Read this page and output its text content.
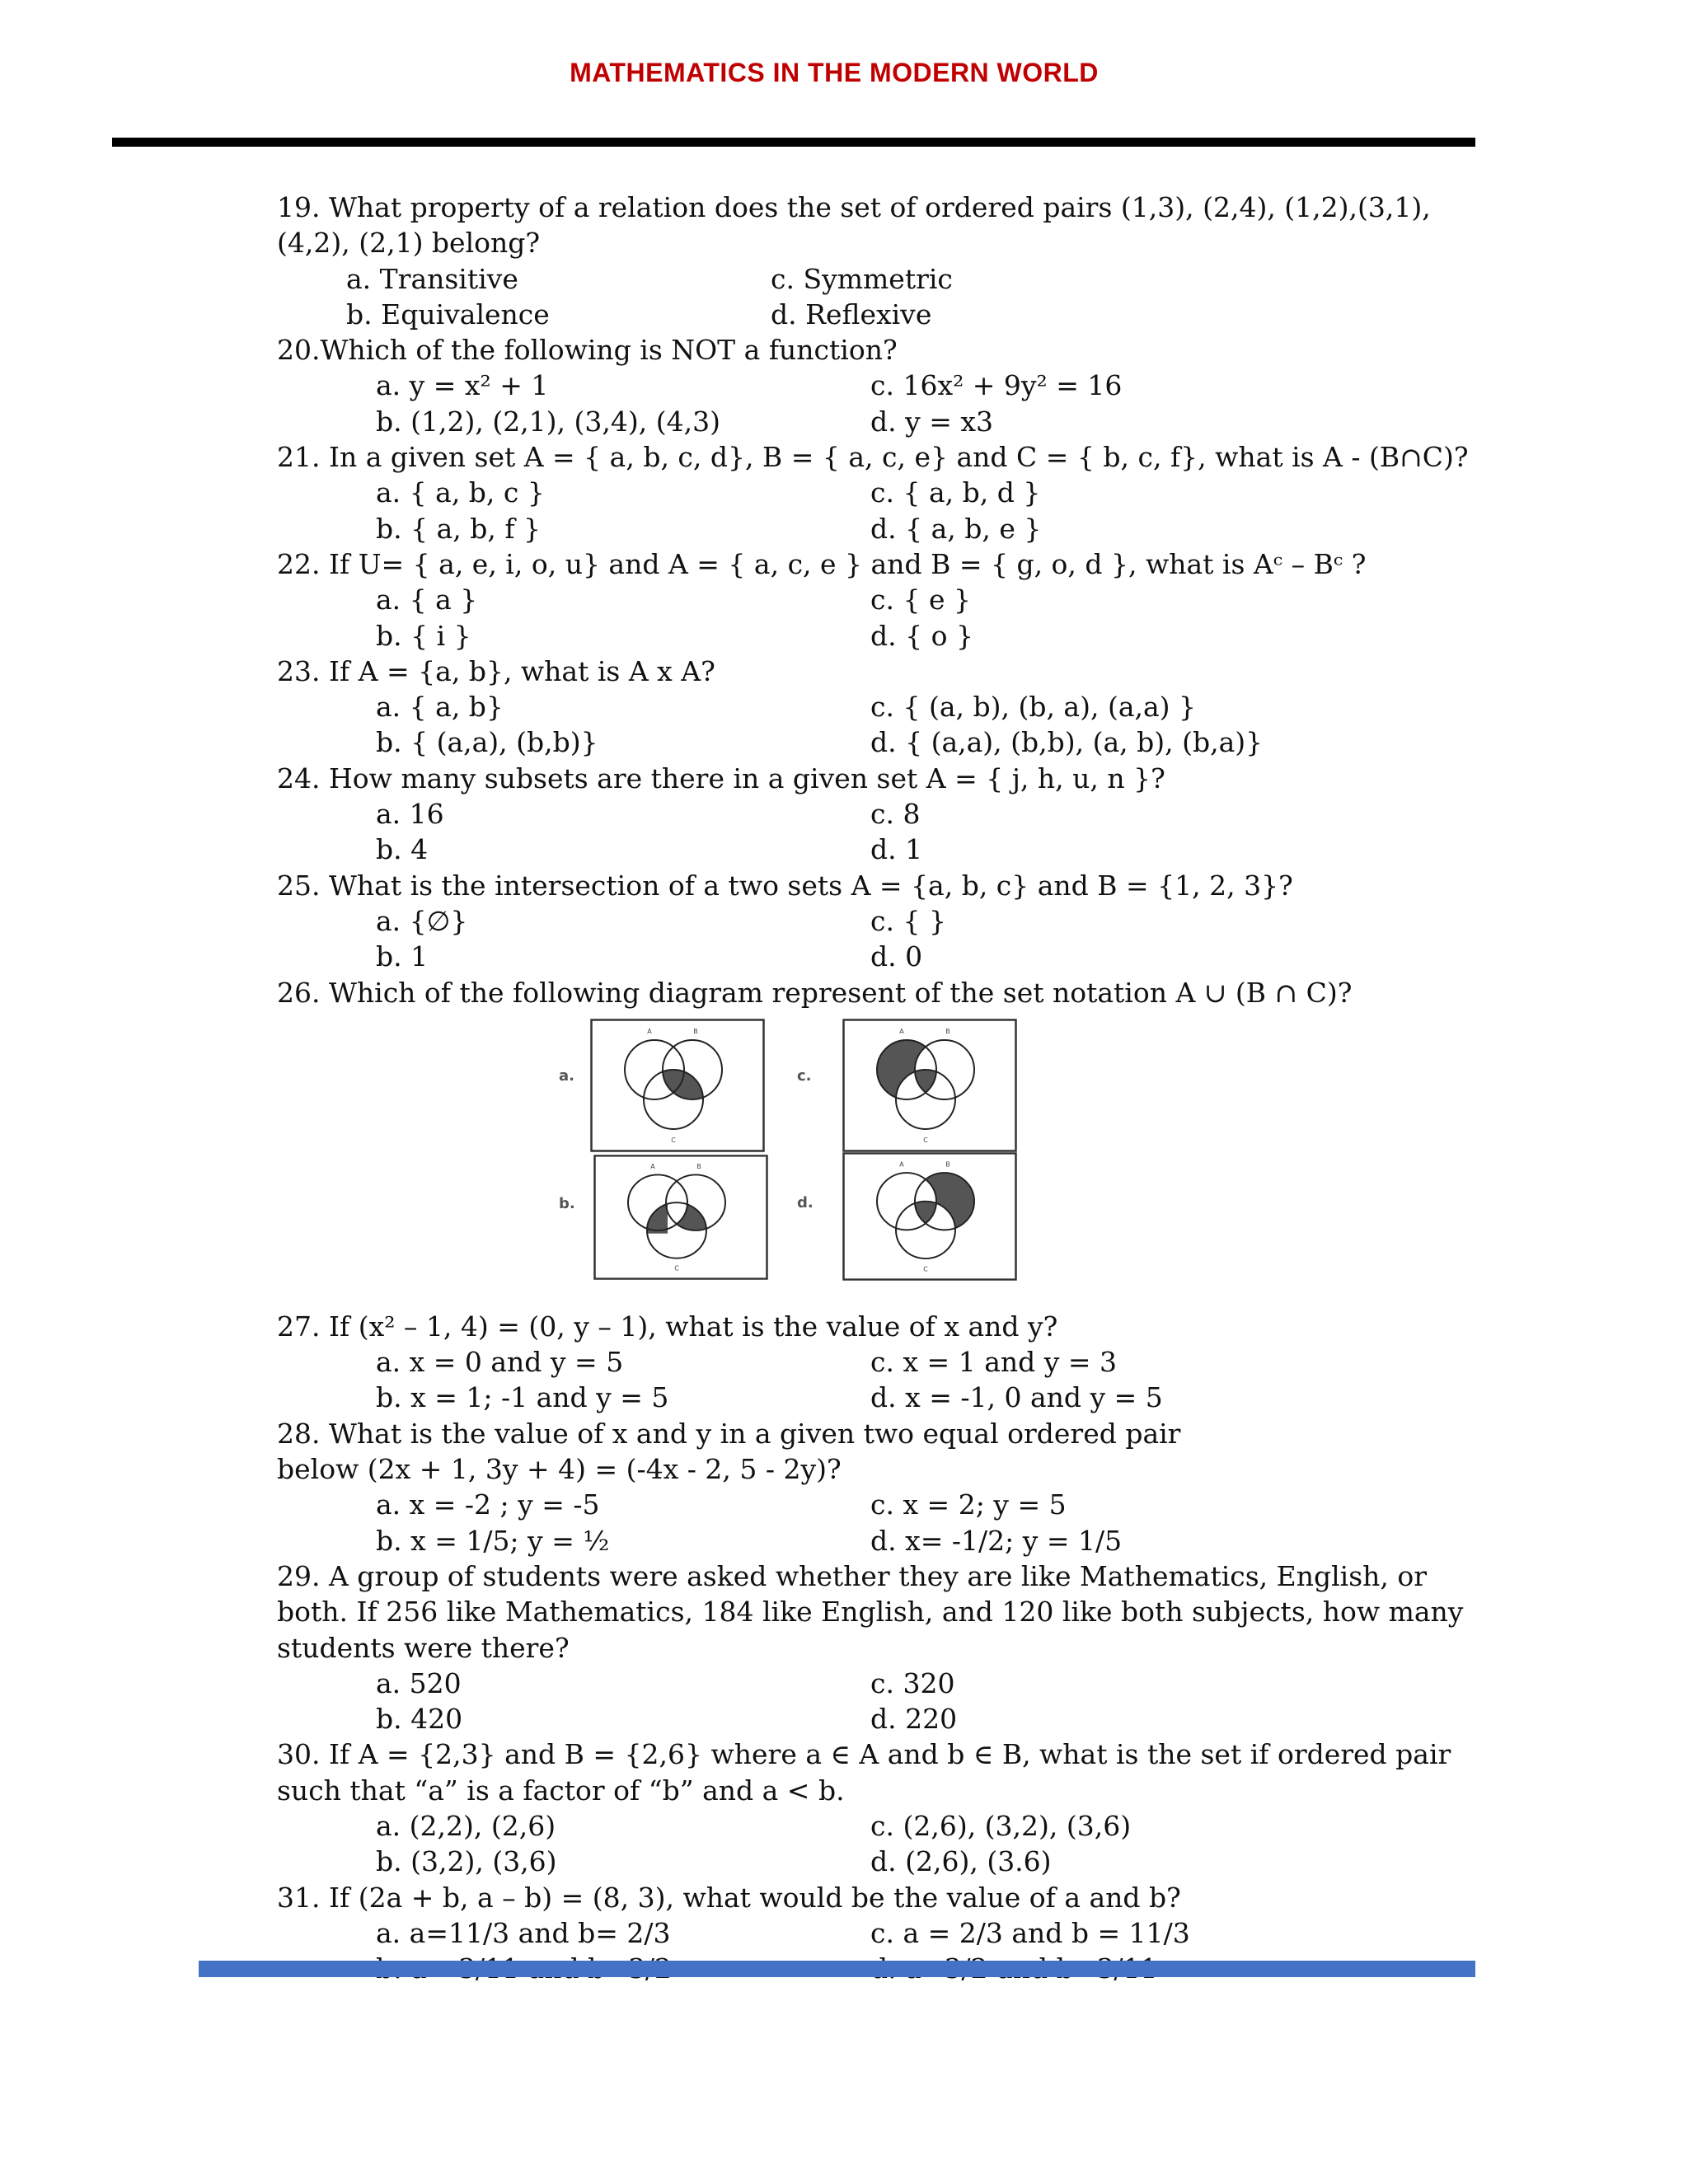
MATHEMATICS IN THE MODERN WORLD
19. What property of a relation does the set of ordered pairs (1,3), (2,4), (1,2),(3,1),(4,2), (2,1) belong?
a. Transitive	c. Symmetric
b. Equivalence	d. Reflexive
20.Which of the following is NOT a function?
a. y = x² + 1	c. 16x² + 9y² = 16
b. (1,2), (2,1), (3,4), (4,3)	d. y = x3
21. In a given set A = { a, b, c, d}, B = { a, c, e} and C = { b, c, f}, what is A - (B∩C)?
a. { a, b, c }	c. { a, b, d }
b. { a, b, f }	d. { a, b, e }
22. If U= { a, e, i, o, u} and A = { a, c, e } and B = { g, o, d }, what is Aᶜ – Bᶜ ?
a. { a }	c. { e }
b. { i }	d. { o }
23. If A = {a, b}, what is A x A?
a. { a, b}	c. { (a, b), (b, a), (a,a) }
b. { (a,a), (b,b)}	d. { (a,a), (b,b), (a, b), (b,a)}
24. How many subsets are there in a given set A = { j, h, u, n }?
a. 16	c. 8
b. 4	d. 1
25. What is the intersection of a two sets A = {a, b, c} and B = {1, 2, 3}?
a. {∅}	c. { }
b. 1	d. 0
26. Which of the following diagram represent of the set notation A ∪ (B ∩ C)?
a.
A	B
C
c.
A	B
C
b.
A	B
C
d.
A	B
C
27. If (x² – 1, 4) = (0, y – 1), what is the value of x and y?
a. x = 0 and y = 5	c. x = 1 and y = 3
b. x = 1; -1 and y = 5	d. x = -1, 0 and y = 5
28. What is the value of x and y in a given two equal ordered pair below (2x + 1, 3y + 4) = (-4x - 2, 5 - 2y)?
a. x = -2 ; y = -5	c. x = 2; y = 5
b. x = 1/5; y = ½	d. x= -1/2; y = 1/5
29. A group of students were asked whether they are like Mathematics, English, or both. If 256 like Mathematics, 184 like English, and 120 like both subjects, how many students were there?
a. 520	c. 320
b. 420	d. 220
30. If A = {2,3} and B = {2,6} where a ∈ A and b ∈ B, what is the set if ordered pair such that “a” is a factor of “b” and a < b.
a. (2,2), (2,6)	c. (2,6), (3,2), (3,6)
b. (3,2), (3,6)	d. (2,6), (3.6)
31. If (2a + b, a – b) = (8, 3), what would be the value of a and b?
a. a=11/3 and b= 2/3	c. a = 2/3 and b = 11/3
